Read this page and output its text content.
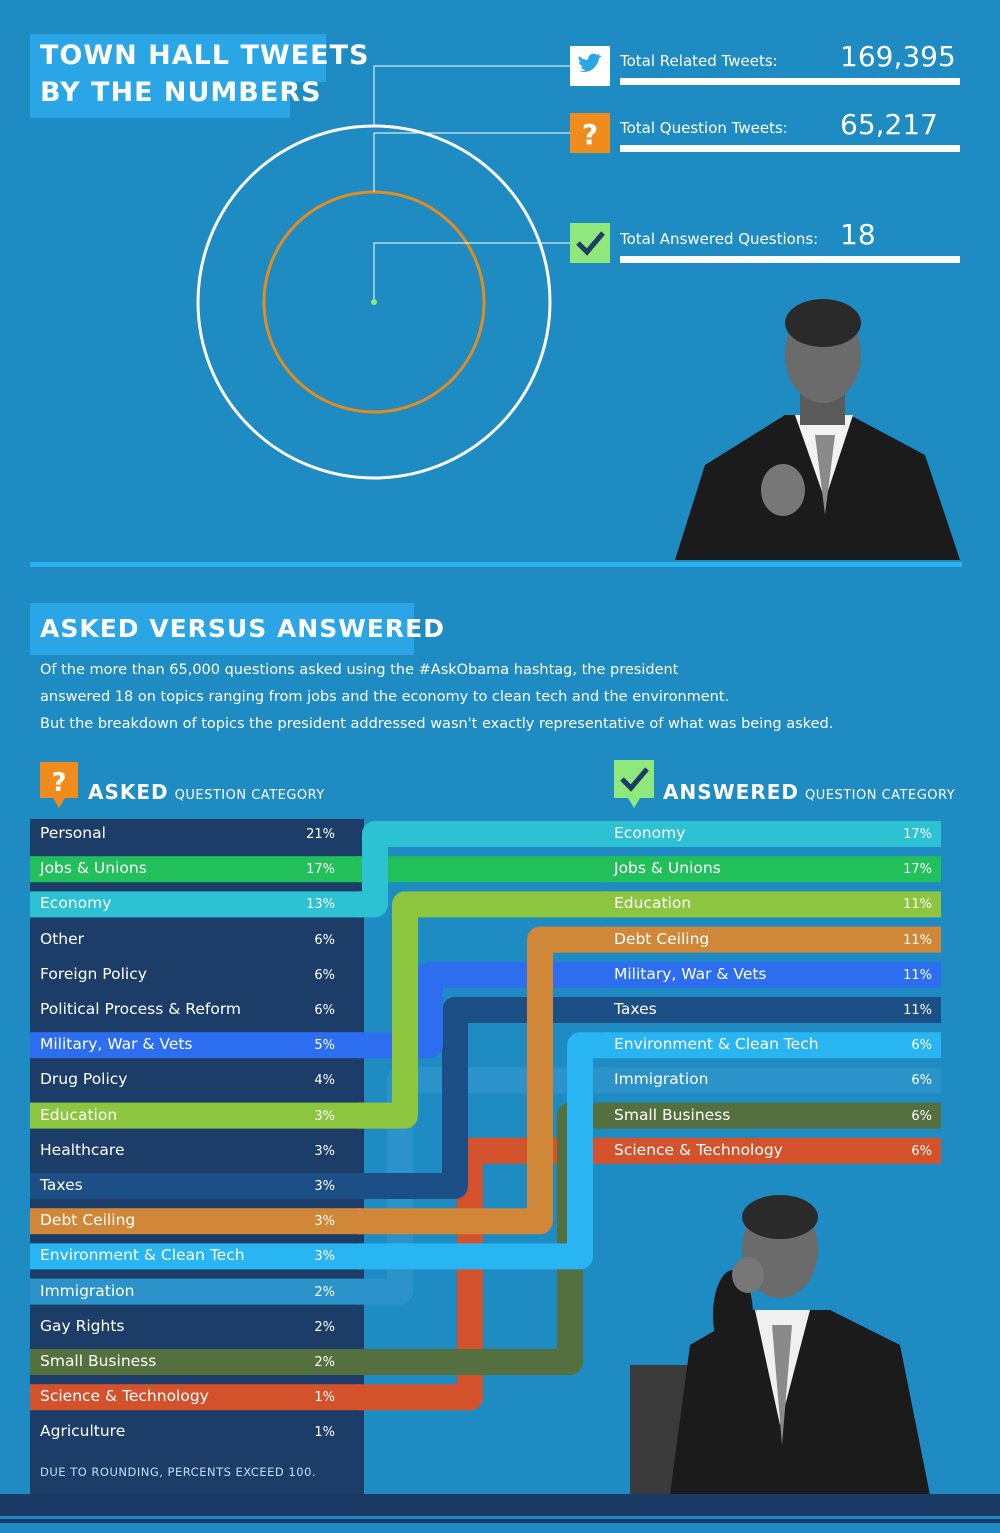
TOWN HALL TWEETS
BY THE NUMBERS
?
Total Related Tweets: 169,395
Total Question Tweets: 65,217
Total Answered Questions: 18
ASKED VERSUS ANSWERED
Of the more than 65,000 questions asked using the #AskObama hashtag, the president
answered 18 on topics ranging from jobs and the economy to clean tech and the environment.
But the breakdown of topics the president addressed wasn't exactly representative of what was being asked.
? ASKED QUESTION CATEGORY	ANSWERED QUESTION CATEGORY
Personal	21%
Jobs & Unions	17%
Economy	13%
Other	6%
Foreign Policy	6%
Political Process & Reform	6%
Military, War & Vets	5%
Drug Policy	4%
Education	3%
Healthcare	3%
Taxes	3%
Debt Ceiling	3%
Environment & Clean Tech	3%
Immigration	2%
Gay Rights	2%
Small Business	2%
Science & Technology	1%
Agriculture	1%
Economy	17%
Jobs & Unions	17%
Education	11%
Debt Ceiling	11%
Military, War & Vets	11%
Taxes	11%
Environment & Clean Tech	6%
Immigration	6%
Small Business	6%
Science & Technology	6%
DUE TO ROUNDING, PERCENTS EXCEED 100.
